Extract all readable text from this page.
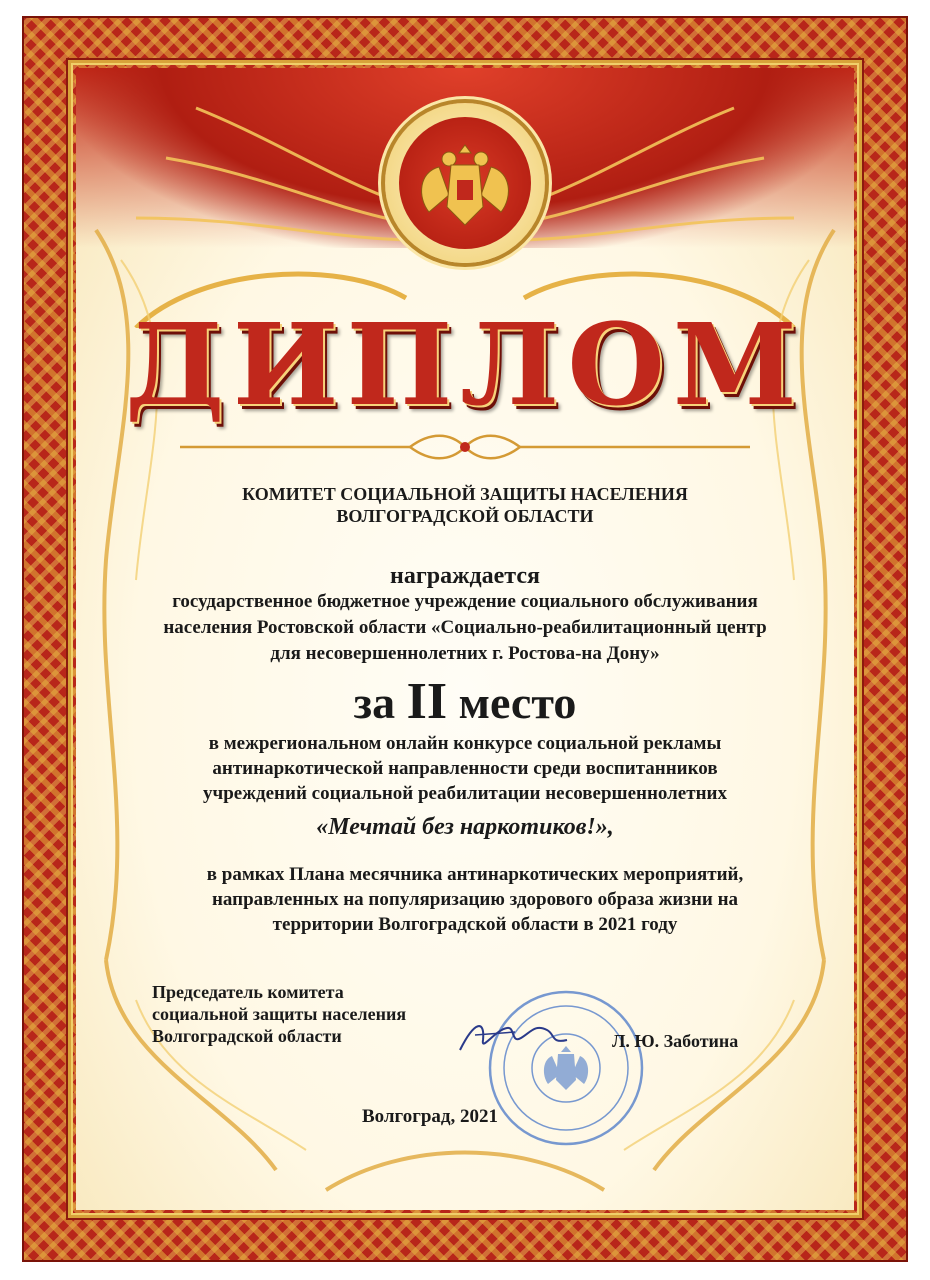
ДИПЛОМ
КОМИТЕТ СОЦИАЛЬНОЙ ЗАЩИТЫ НАСЕЛЕНИЯ
ВОЛГОГРАДСКОЙ ОБЛАСТИ
награждается
государственное бюджетное учреждение социального обслуживания
населения Ростовской области «Социально-реабилитационный центр
для несовершеннолетних г. Ростова-на Дону»
за II место
в межрегиональном онлайн конкурсе социальной рекламы
антинаркотической направленности среди воспитанников
учреждений социальной реабилитации несовершеннолетних
«Мечтай без наркотиков!»,
в рамках Плана месячника антинаркотических мероприятий,
направленных на популяризацию здорового образа жизни на
территории Волгоградской области в 2021 году
Председатель комитета
социальной защиты населения
Волгоградской области	Л. Ю. Заботина
Волгоград, 2021
